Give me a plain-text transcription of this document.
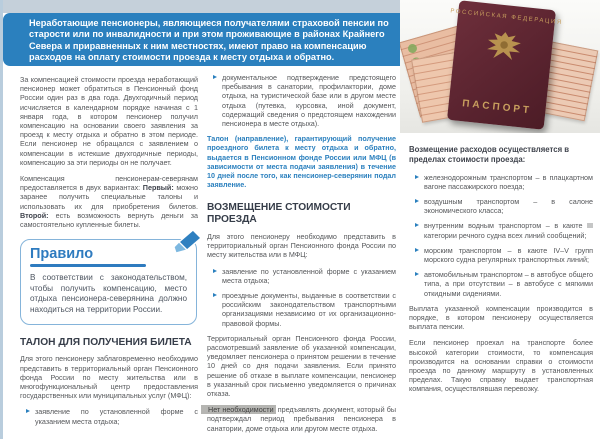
Неработающие пенсионеры, являющиеся получателями страховой пенсии по старости или по инвалидности и при этом проживающие в районах Крайнего Севера и приравненных к ним местностях, имеют право на компенсацию расходов на оплату стоимости проезда к месту отдыха и обратно.
РОССИЙСКАЯ ФЕДЕРАЦИЯ
ПАСПОРТ

За компенсацией стоимости проезда неработающий пенсионер может обратиться в Пенсионный фонд России один раз в два года. Двухгодичный период исчисляется в календарном порядке начиная с 1 января года, в котором пенсионер получил компенсацию на основании своего заявления за проезд к месту отдыха и обратно в этом периоде. Если пенсионер не обращался с заявлением о компенсации в истекшие двухгодичные периоды, компенсацию за эти периоды он не получает.

Компенсация пенсионерам-северянам предоставляется в двух вариантах: Первый: можно заранее получить специальные талоны и использовать их для приобретения билетов. Второй: есть возможность вернуть деньги за самостоятельно купленные билеты.

Правило

В соответствии с законодательством, чтобы получить компенсацию, место отдыха пенсионера-северянина должно находиться на территории России.

ТАЛОН ДЛЯ ПОЛУЧЕНИЯ БИЛЕТА

Для этого пенсионеру заблаговременно необходимо представить в территориальный орган Пенсионного фонда России по месту жительства или в многофункциональный центр предоставления государственных или муниципальных услуг (МФЦ):

заявление по установленной форме с указанием места отдыха;

документальное подтверждение предстоящего пребывания в санатории, профилактории, доме отдыха, на туристической базе или в другом месте отдыха (путевка, курсовка, иной документ, содержащий сведения о предстоящем нахождении пенсионера в месте отдыха).

Талон (направление), гарантирующий получение проездного билета к месту отдыха и обратно, выдается в Пенсионном фонде России или МФЦ (в зависимости от места подачи заявления) в течение 10 дней после того, как пенсионер-северянин подал заявление.

ВОЗМЕЩЕНИЕ СТОИМОСТИ ПРОЕЗДА

Для этого пенсионеру необходимо представить в территориальный орган Пенсионного фонда России по месту жительства или в МФЦ:

заявление по установленной форме с указанием места отдыха;

проездные документы, выданные в соответствии с российским законодательством транспортными организациями независимо от их организационно-правовой формы.

Территориальный орган Пенсионного фонда России, рассмотревший заявление об указанной компенсации, уведомляет пенсионера о принятом решении в течение 10 дней со дня подачи заявления. Если принято решение об отказе в выплате компенсации, пенсионер в указанный срок письменно уведомляется о причинах отказа.

Нет необходимости предъявлять документ, который бы подтверждал период пребывания пенсионера в санатории, доме отдыха или другом месте отдыха.

Возмещение расходов осуществляется в пределах стоимости проезда:

железнодорожным транспортом – в плацкартном вагоне пассажирского поезда;

воздушным транспортом – в салоне экономического класса;

внутренним водным транспортом – в каюте III категории речного судна всех линий сообщений;

морским транспортом – в каюте IV–V групп морского судна регулярных транспортных линий;

автомобильным транспортом – в автобусе общего типа, а при отсутствии – в автобусе с мягкими откидными сидениями.

Выплата указанной компенсации производится в порядке, в котором пенсионеру осуществляется выплата пенсии.

Если пенсионер проехал на транспорте более высокой категории стоимости, то компенсация производится на основании справки о стоимости проезда по данному маршруту в установленных пределах. Такую справку выдает транспортная компания, осуществлявшая перевозку.
